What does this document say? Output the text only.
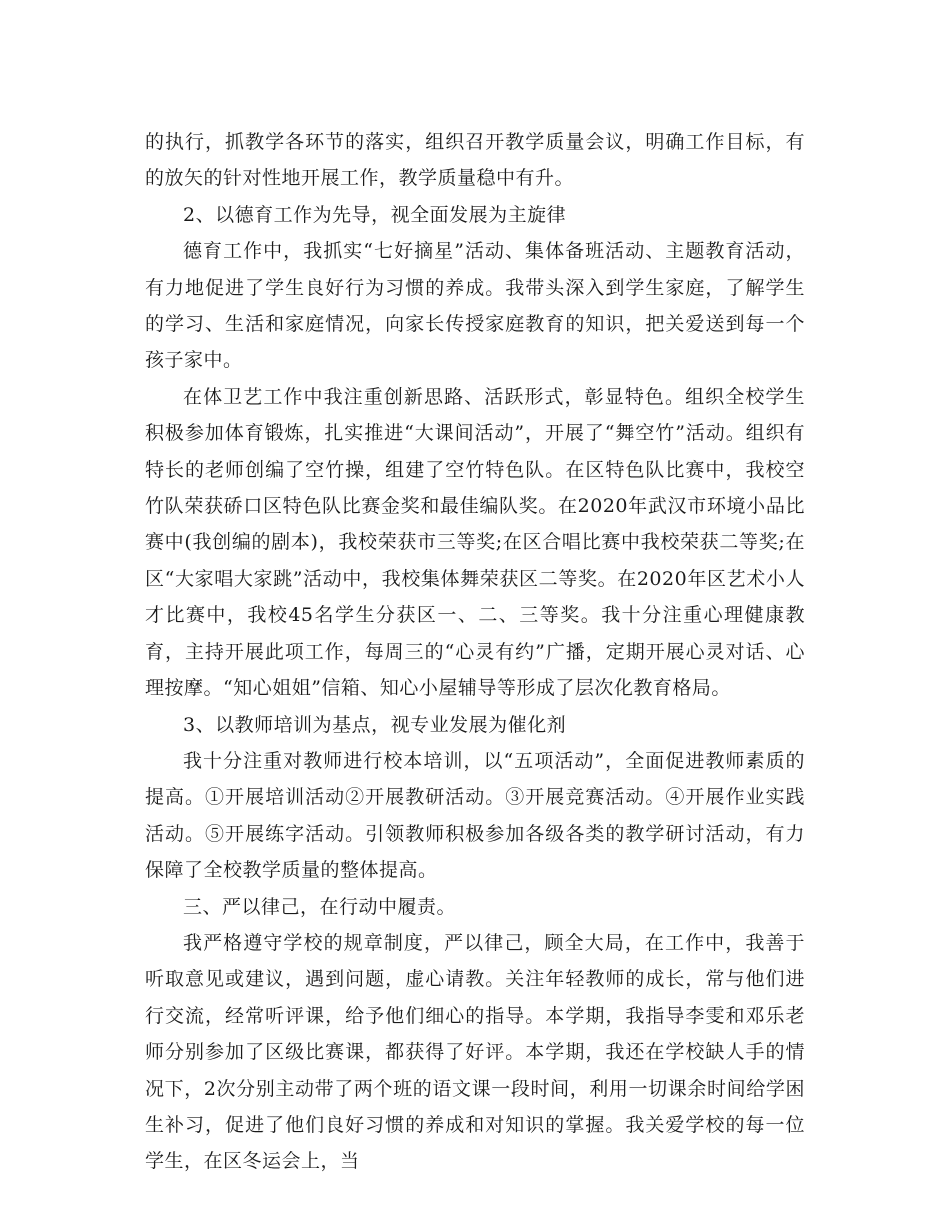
的执行，抓教学各环节的落实，组织召开教学质量会议，明确工作目标，有的放矢的针对性地开展工作，教学质量稳中有升。

2、以德育工作为先导，视全面发展为主旋律

德育工作中，我抓实“七好摘星”活动、集体备班活动、主题教育活动，有力地促进了学生良好行为习惯的养成。我带头深入到学生家庭，了解学生的学习、生活和家庭情况，向家长传授家庭教育的知识，把关爱送到每一个孩子家中。

在体卫艺工作中我注重创新思路、活跃形式，彰显特色。组织全校学生积极参加体育锻炼，扎实推进“大课间活动”，开展了“舞空竹”活动。组织有特长的老师创编了空竹操，组建了空竹特色队。在区特色队比赛中，我校空竹队荣获硚口区特色队比赛金奖和最佳编队奖。在2020年武汉市环境小品比赛中(我创编的剧本)，我校荣获市三等奖;在区合唱比赛中我校荣获二等奖;在区“大家唱大家跳”活动中，我校集体舞荣获区二等奖。在2020年区艺术小人才比赛中，我校45名学生分获区一、二、三等奖。我十分注重心理健康教育，主持开展此项工作，每周三的“心灵有约”广播，定期开展心灵对话、心理按摩。“知心姐姐”信箱、知心小屋辅导等形成了层次化教育格局。

3、以教师培训为基点，视专业发展为催化剂

我十分注重对教师进行校本培训，以“五项活动”，全面促进教师素质的提高。①开展培训活动②开展教研活动。③开展竞赛活动。④开展作业实践活动。⑤开展练字活动。引领教师积极参加各级各类的教学研讨活动，有力保障了全校教学质量的整体提高。

三、严以律己，在行动中履责。

我严格遵守学校的规章制度，严以律己，顾全大局，在工作中，我善于听取意见或建议，遇到问题，虚心请教。关注年轻教师的成长，常与他们进行交流，经常听评课，给予他们细心的指导。本学期，我指导李雯和邓乐老师分别参加了区级比赛课，都获得了好评。本学期，我还在学校缺人手的情况下，2次分别主动带了两个班的语文课一段时间，利用一切课余时间给学困生补习，促进了他们良好习惯的养成和对知识的掌握。我关爱学校的每一位学生，在区冬运会上，当
